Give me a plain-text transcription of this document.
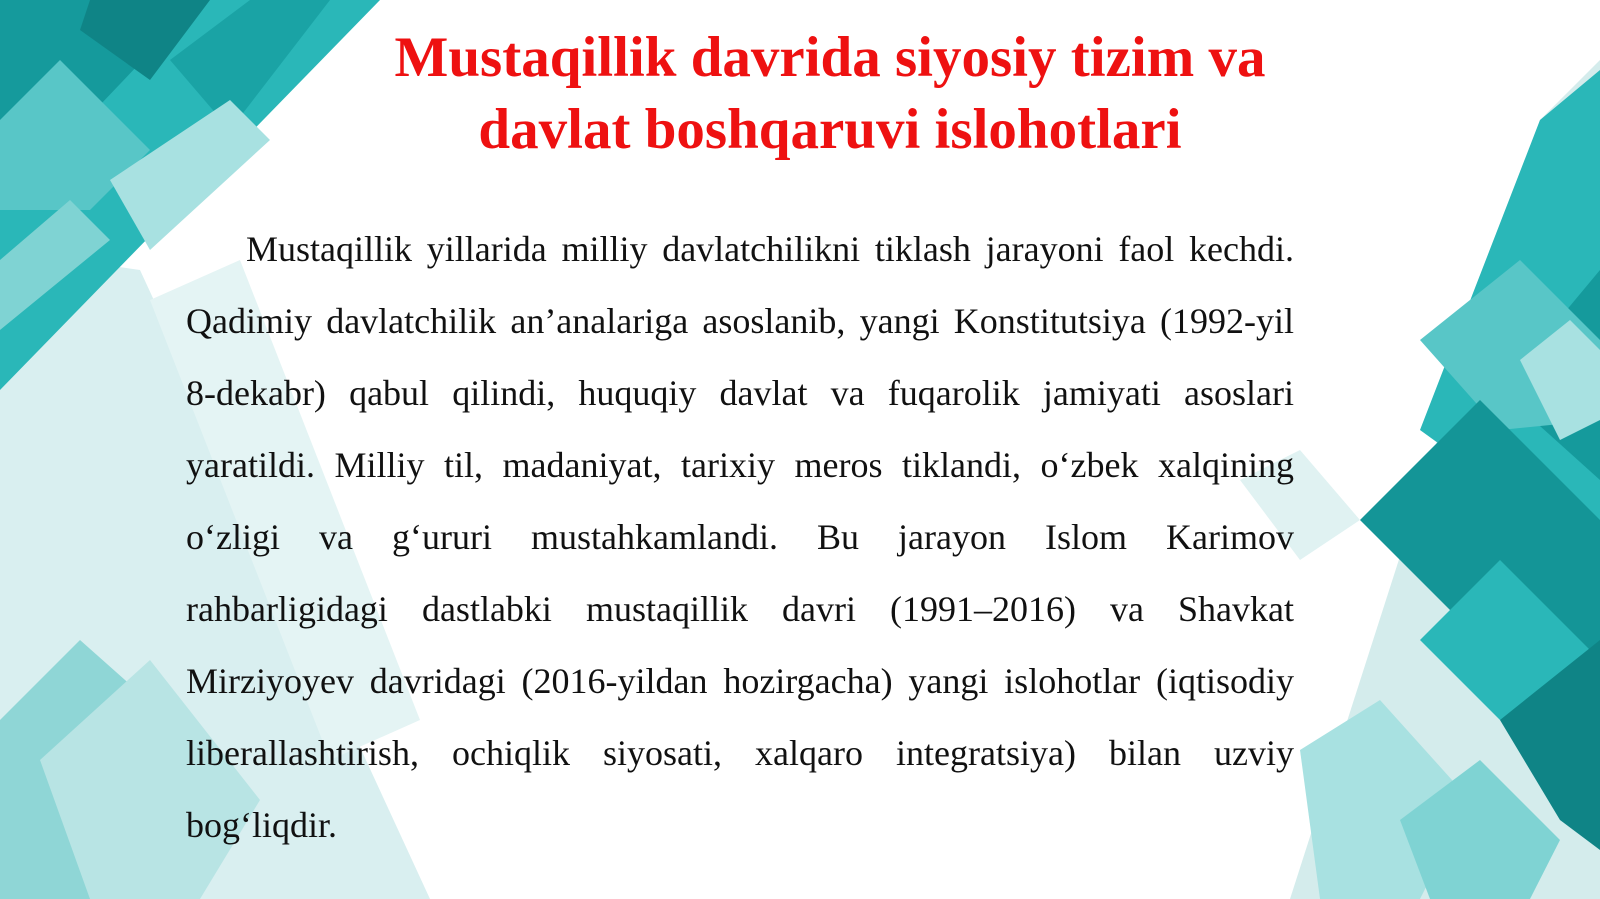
Mustaqillik davrida siyosiy tizim va
davlat boshqaruvi islohotlari

Mustaqillik yillarida milliy davlatchilikni tiklash jarayoni faol kechdi. Qadimiy davlatchilik an’analariga asoslanib, yangi Konstitutsiya (1992-yil 8-dekabr) qabul qilindi, huquqiy davlat va fuqarolik jamiyati asoslari yaratildi. Milliy til, madaniyat, tarixiy meros tiklandi, o‘zbek xalqining o‘zligi va g‘ururi mustahkamlandi. Bu jarayon Islom Karimov rahbarligidagi dastlabki mustaqillik davri (1991–2016) va Shavkat Mirziyoyev davridagi (2016-yildan hozirgacha) yangi islohotlar (iqtisodiy liberallashtirish, ochiqlik siyosati, xalqaro integratsiya) bilan uzviy bog‘liqdir.
